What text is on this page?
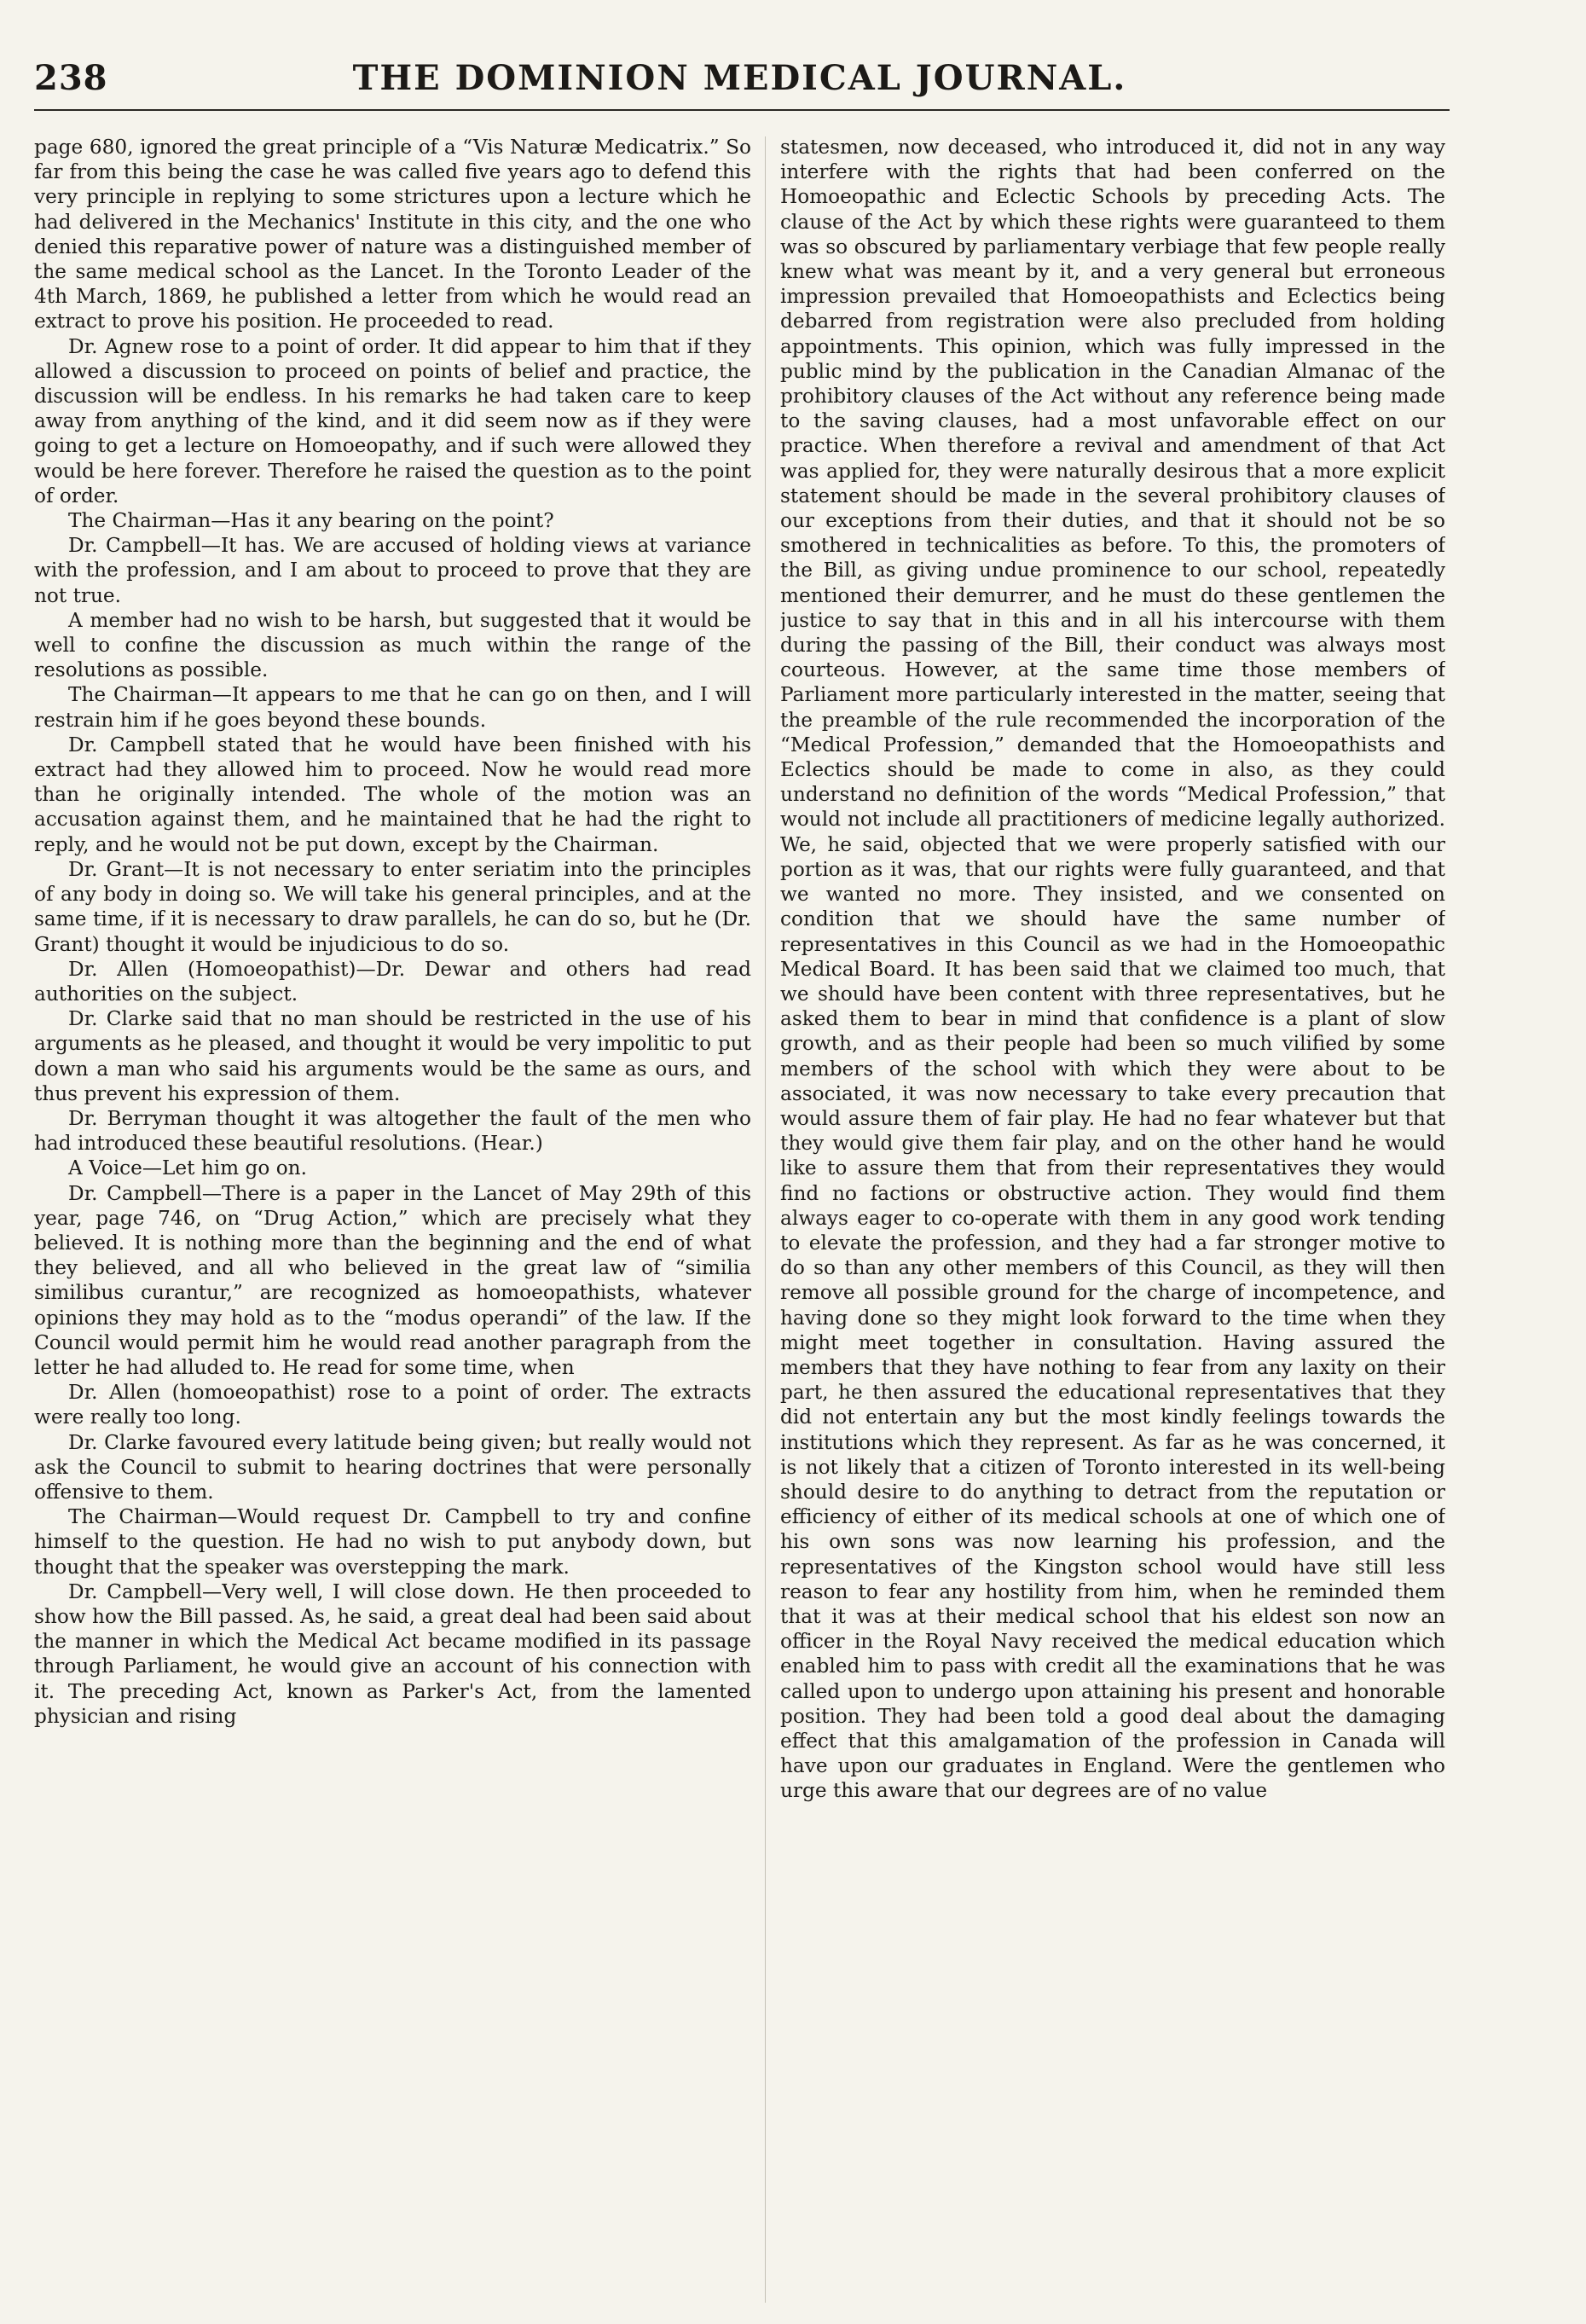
238	THE DOMINION MEDICAL JOURNAL.

page 680, ignored the great principle of a “Vis Naturæ Medicatrix.” So far from this being the case he was called five years ago to defend this very principle in replying to some strictures upon a lecture which he had delivered in the Mechanics' Institute in this city, and the one who denied this reparative power of nature was a distinguished member of the same medical school as the Lancet. In the Toronto Leader of the 4th March, 1869, he published a letter from which he would read an extract to prove his position. He proceeded to read.

Dr. Agnew rose to a point of order. It did appear to him that if they allowed a discussion to proceed on points of belief and practice, the discussion will be endless. In his remarks he had taken care to keep away from anything of the kind, and it did seem now as if they were going to get a lecture on Homoeopathy, and if such were allowed they would be here forever. Therefore he raised the question as to the point of order.

The Chairman—Has it any bearing on the point?

Dr. Campbell—It has. We are accused of holding views at variance with the profession, and I am about to proceed to prove that they are not true.

A member had no wish to be harsh, but suggested that it would be well to confine the discussion as much within the range of the resolutions as possible.

The Chairman—It appears to me that he can go on then, and I will restrain him if he goes beyond these bounds.

Dr. Campbell stated that he would have been finished with his extract had they allowed him to proceed. Now he would read more than he originally intended. The whole of the motion was an accusation against them, and he maintained that he had the right to reply, and he would not be put down, except by the Chairman.

Dr. Grant—It is not necessary to enter seriatim into the principles of any body in doing so. We will take his general principles, and at the same time, if it is necessary to draw parallels, he can do so, but he (Dr. Grant) thought it would be injudicious to do so.

Dr. Allen (Homoeopathist)—Dr. Dewar and others had read authorities on the subject.

Dr. Clarke said that no man should be restricted in the use of his arguments as he pleased, and thought it would be very impolitic to put down a man who said his arguments would be the same as ours, and thus prevent his expression of them.

Dr. Berryman thought it was altogether the fault of the men who had introduced these beautiful resolutions. (Hear.)

A Voice—Let him go on.

Dr. Campbell—There is a paper in the Lancet of May 29th of this year, page 746, on “Drug Action,” which are precisely what they believed. It is nothing more than the beginning and the end of what they believed, and all who believed in the great law of “similia similibus curantur,” are recognized as homoeopathists, whatever opinions they may hold as to the “modus operandi” of the law. If the Council would permit him he would read another paragraph from the letter he had alluded to. He read for some time, when

Dr. Allen (homoeopathist) rose to a point of order. The extracts were really too long.

Dr. Clarke favoured every latitude being given; but really would not ask the Council to submit to hearing doctrines that were personally offensive to them.

The Chairman—Would request Dr. Campbell to try and confine himself to the question. He had no wish to put anybody down, but thought that the speaker was overstepping the mark.

Dr. Campbell—Very well, I will close down. He then proceeded to show how the Bill passed. As, he said, a great deal had been said about the manner in which the Medical Act became modified in its passage through Parliament, he would give an account of his connection with it. The preceding Act, known as Parker's Act, from the lamented physician and rising

statesmen, now deceased, who introduced it, did not in any way interfere with the rights that had been conferred on the Homoeopathic and Eclectic Schools by preceding Acts. The clause of the Act by which these rights were guaranteed to them was so obscured by parliamentary verbiage that few people really knew what was meant by it, and a very general but erroneous impression prevailed that Homoeopathists and Eclectics being debarred from registration were also precluded from holding appointments. This opinion, which was fully impressed in the public mind by the publication in the Canadian Almanac of the prohibitory clauses of the Act without any reference being made to the saving clauses, had a most unfavorable effect on our practice. When therefore a revival and amendment of that Act was applied for, they were naturally desirous that a more explicit statement should be made in the several prohibitory clauses of our exceptions from their duties, and that it should not be so smothered in technicalities as before. To this, the promoters of the Bill, as giving undue prominence to our school, repeatedly mentioned their demurrer, and he must do these gentlemen the justice to say that in this and in all his intercourse with them during the passing of the Bill, their conduct was always most courteous. However, at the same time those members of Parliament more particularly interested in the matter, seeing that the preamble of the rule recommended the incorporation of the “Medical Profession,” demanded that the Homoeopathists and Eclectics should be made to come in also, as they could understand no definition of the words “Medical Profession,” that would not include all practitioners of medicine legally authorized. We, he said, objected that we were properly satisfied with our portion as it was, that our rights were fully guaranteed, and that we wanted no more. They insisted, and we consented on condition that we should have the same number of representatives in this Council as we had in the Homoeopathic Medical Board. It has been said that we claimed too much, that we should have been content with three representatives, but he asked them to bear in mind that confidence is a plant of slow growth, and as their people had been so much vilified by some members of the school with which they were about to be associated, it was now necessary to take every precaution that would assure them of fair play. He had no fear whatever but that they would give them fair play, and on the other hand he would like to assure them that from their representatives they would find no factions or obstructive action. They would find them always eager to co-operate with them in any good work tending to elevate the profession, and they had a far stronger motive to do so than any other members of this Council, as they will then remove all possible ground for the charge of incompetence, and having done so they might look forward to the time when they might meet together in consultation. Having assured the members that they have nothing to fear from any laxity on their part, he then assured the educational representatives that they did not entertain any but the most kindly feelings towards the institutions which they represent. As far as he was concerned, it is not likely that a citizen of Toronto interested in its well-being should desire to do anything to detract from the reputation or efficiency of either of its medical schools at one of which one of his own sons was now learning his profession, and the representatives of the Kingston school would have still less reason to fear any hostility from him, when he reminded them that it was at their medical school that his eldest son now an officer in the Royal Navy received the medical education which enabled him to pass with credit all the examinations that he was called upon to undergo upon attaining his present and honorable position. They had been told a good deal about the damaging effect that this amalgamation of the profession in Canada will have upon our graduates in England. Were the gentlemen who urge this aware that our degrees are of no value
